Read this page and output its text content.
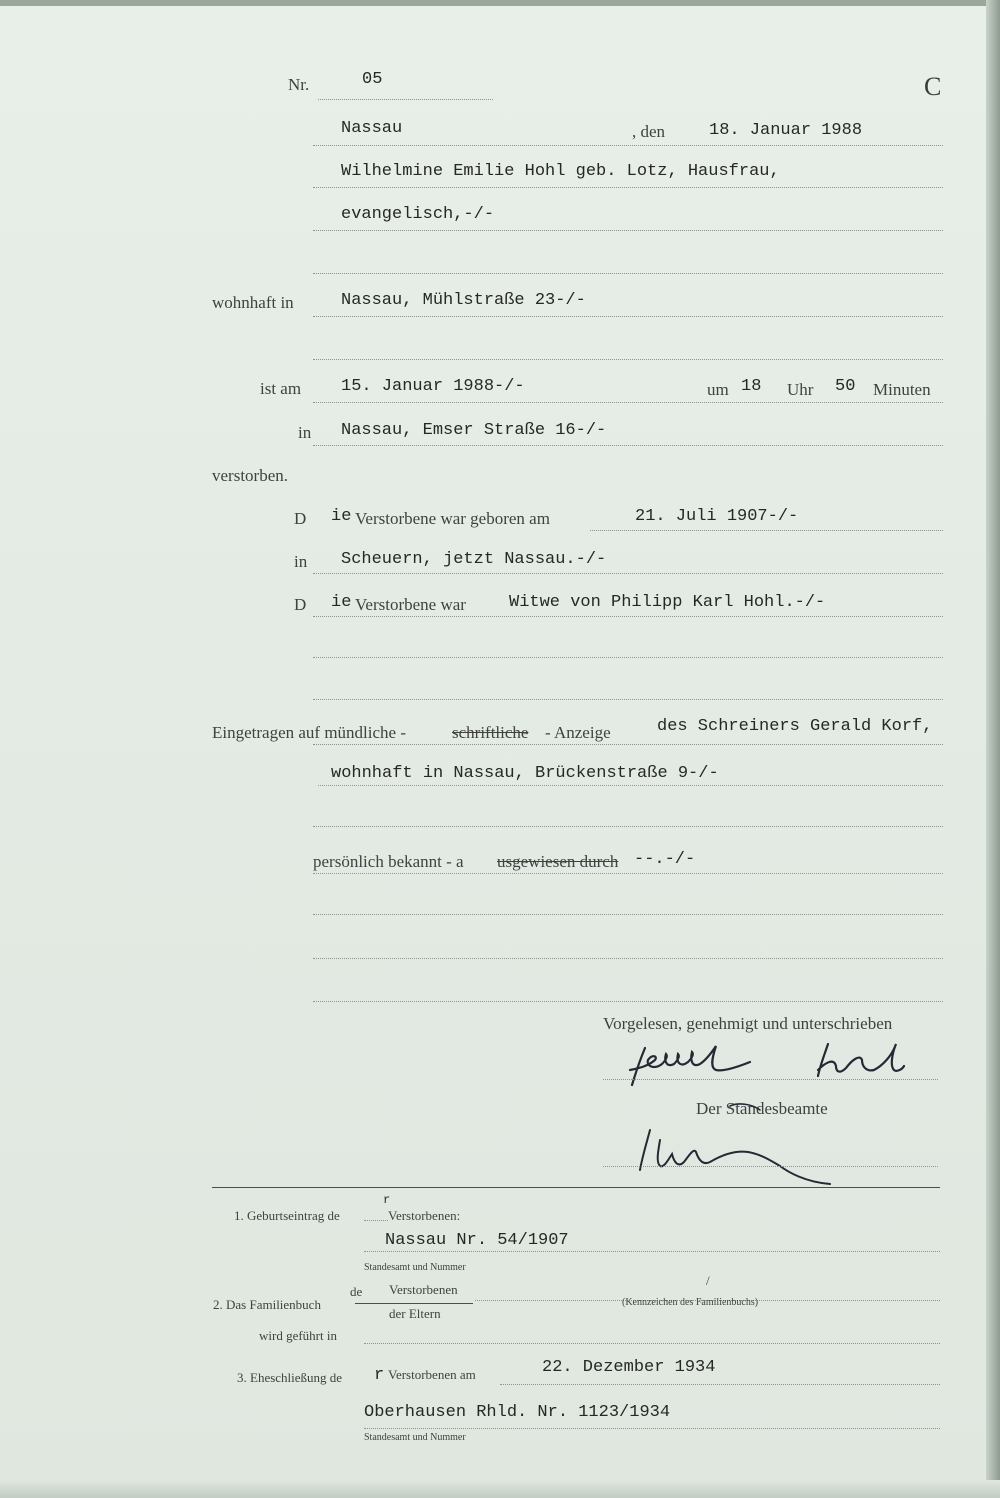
Nr.	05	C
Nassau	, den	18. Januar 1988
Wilhelmine Emilie Hohl geb. Lotz, Hausfrau,
evangelisch,-/-
wohnhaft in	Nassau, Mühlstraße 23-/-
ist am 15. Januar 1988-/-	um 18 Uhr 50 Minuten
in Nassau, Emser Straße 16-/-
verstorben.
D ie Verstorbene war geboren am	21. Juli 1907-/-
in Scheuern, jetzt Nassau.-/-
D ie Verstorbene war	Witwe von Philipp Karl Hohl.-/-
Eingetragen auf mündliche -	schriftliche - Anzeige	des Schreiners Gerald Korf,
wohnhaft in Nassau, Brückenstraße 9-/-
persönlich bekannt - a usgewiesen durch --.-/-
Vorgelesen, genehmigt und unterschrieben
Der Standesbeamte
1. Geburtseintrag de
r
Verstorbenen:
Nassau Nr. 54/1907
Standesamt und Nummer
2. Das Familienbuch
de Verstorbenen
der Eltern
/
(Kennzeichen des Familienbuchs)
wird geführt in
3. Eheschließung de r Verstorbenen am	22. Dezember 1934
Oberhausen Rhld. Nr. 1123/1934
Standesamt und Nummer
